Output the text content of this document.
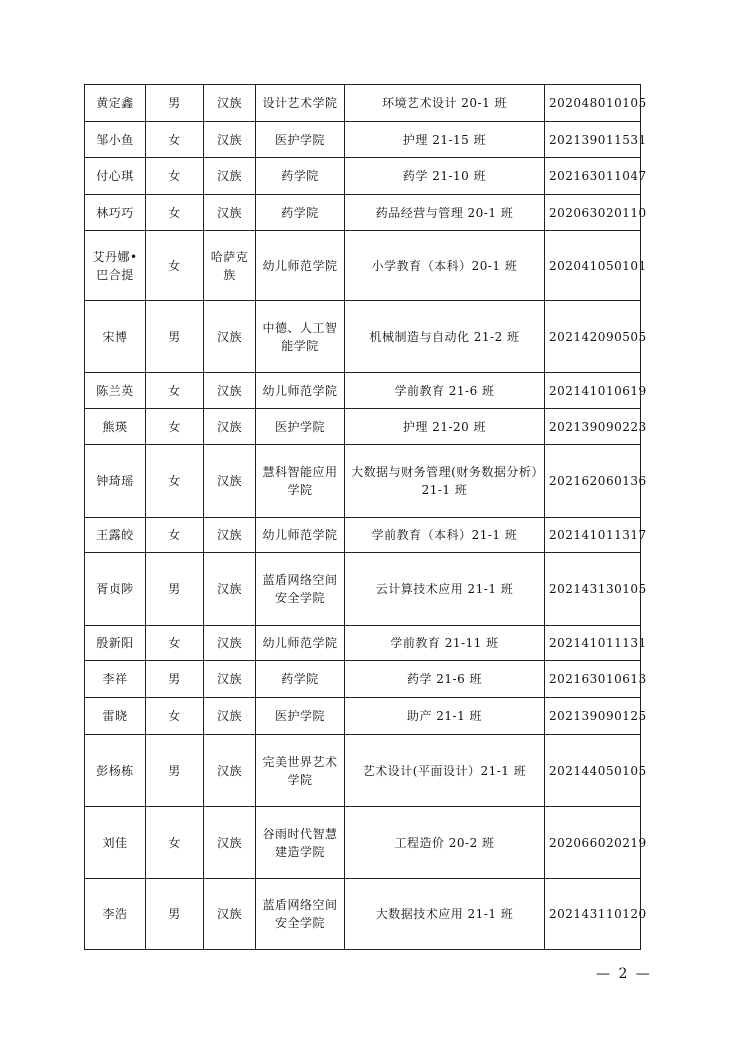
黄定鑫	男	汉族	设计艺术学院	环境艺术设计 20-1 班	202048010105
邹小鱼	女	汉族	医护学院	护理 21-15 班	202139011531
付心琪	女	汉族	药学院	药学 21-10 班	202163011047
林巧巧	女	汉族	药学院	药品经营与管理 20-1 班	202063020110
艾丹娜•巴合提	女	哈萨克族	幼儿师范学院	小学教育（本科）20-1 班	202041050101
宋博	男	汉族	中德、人工智能学院	机械制造与自动化 21-2 班	202142090505
陈兰英	女	汉族	幼儿师范学院	学前教育 21-6 班	202141010619
熊瑛	女	汉族	医护学院	护理 21-20 班	202139090223
钟琦瑶	女	汉族	慧科智能应用学院	大数据与财务管理(财务数据分析）21-1 班	202162060136
王露皎	女	汉族	幼儿师范学院	学前教育（本科）21-1 班	202141011317
胥贞陟	男	汉族	蓝盾网络空间安全学院	云计算技术应用 21-1 班	202143130105
殷新阳	女	汉族	幼儿师范学院	学前教育 21-11 班	202141011131
李祥	男	汉族	药学院	药学 21-6 班	202163010613
雷晓	女	汉族	医护学院	助产 21-1 班	202139090125
彭杨栋	男	汉族	完美世界艺术学院	艺术设计(平面设计）21-1 班	202144050105
刘佳	女	汉族	谷雨时代智慧建造学院	工程造价 20-2 班	202066020219
李浩	男	汉族	蓝盾网络空间安全学院	大数据技术应用 21-1 班	202143110120
— 2 —
